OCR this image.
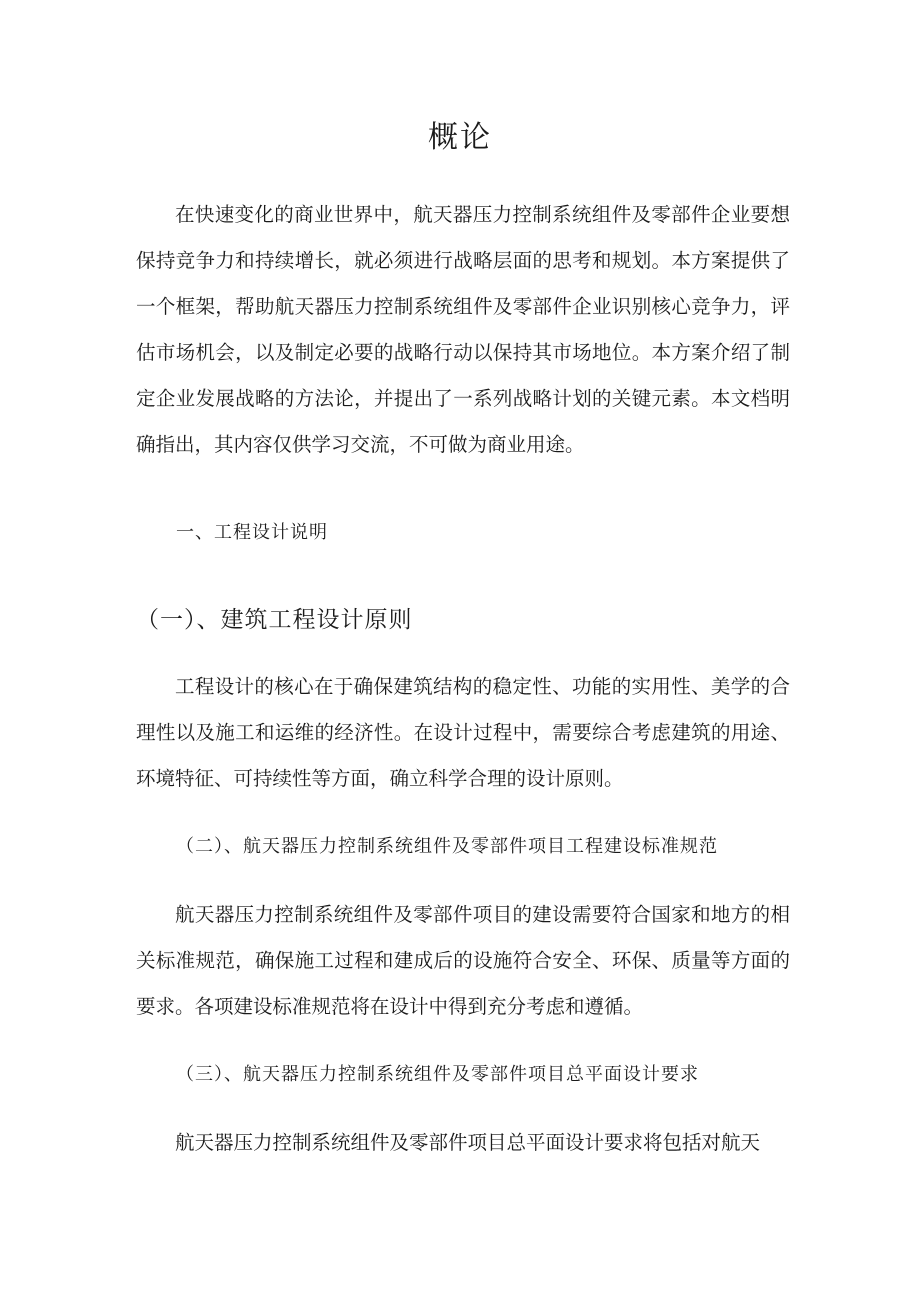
概论

在快速变化的商业世界中，航天器压力控制系统组件及零部件企业要想保持竞争力和持续增长，就必须进行战略层面的思考和规划。本方案提供了一个框架，帮助航天器压力控制系统组件及零部件企业识别核心竞争力，评估市场机会，以及制定必要的战略行动以保持其市场地位。本方案介绍了制定企业发展战略的方法论，并提出了一系列战略计划的关键元素。本文档明确指出，其内容仅供学习交流，不可做为商业用途。

一、工程设计说明
（一）、建筑工程设计原则

工程设计的核心在于确保建筑结构的稳定性、功能的实用性、美学的合理性以及施工和运维的经济性。在设计过程中，需要综合考虑建筑的用途、环境特征、可持续性等方面，确立科学合理的设计原则。

（二）、航天器压力控制系统组件及零部件项目工程建设标准规范

航天器压力控制系统组件及零部件项目的建设需要符合国家和地方的相关标准规范，确保施工过程和建成后的设施符合安全、环保、质量等方面的要求。各项建设标准规范将在设计中得到充分考虑和遵循。

（三）、航天器压力控制系统组件及零部件项目总平面设计要求

航天器压力控制系统组件及零部件项目总平面设计要求将包括对航天
